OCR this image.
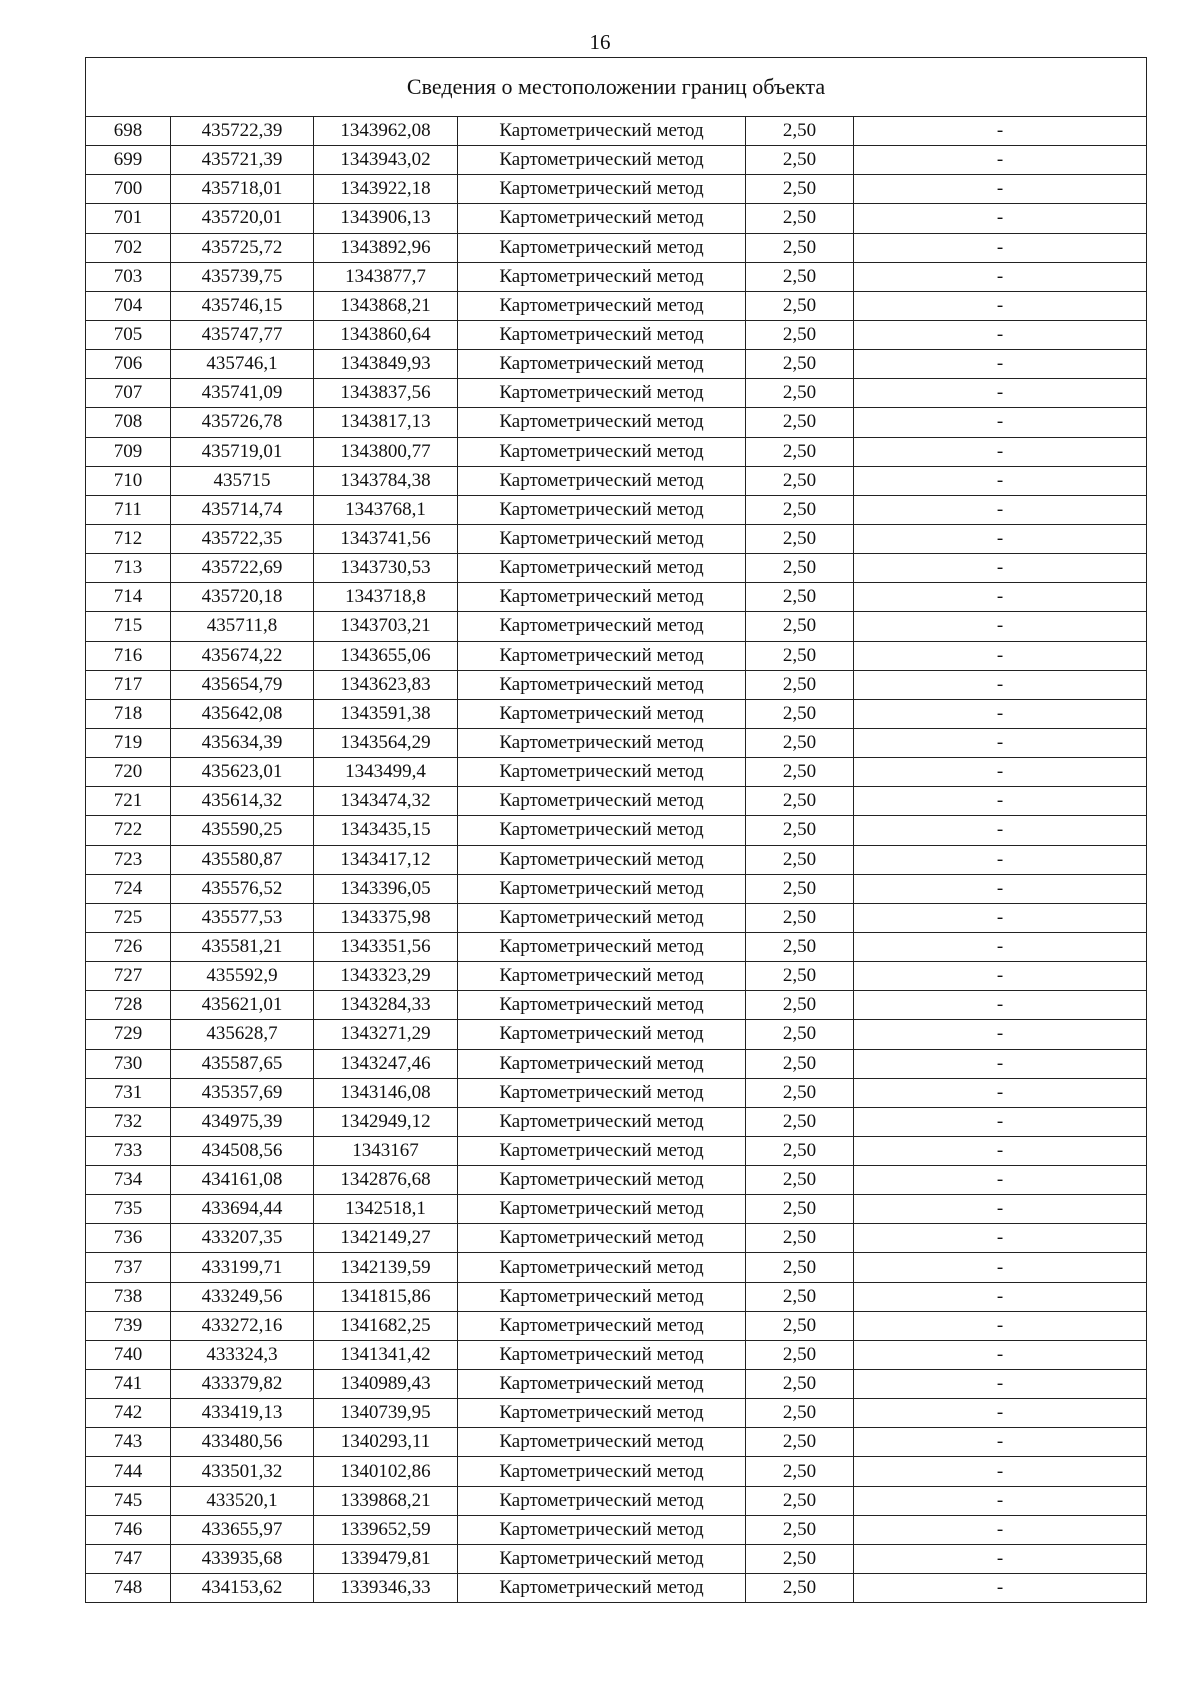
16
Сведения о местоположении границ объекта					
698	435722,39	1343962,08	Картометрический метод	2,50	-
699	435721,39	1343943,02	Картометрический метод	2,50	-
700	435718,01	1343922,18	Картометрический метод	2,50	-
701	435720,01	1343906,13	Картометрический метод	2,50	-
702	435725,72	1343892,96	Картометрический метод	2,50	-
703	435739,75	1343877,7	Картометрический метод	2,50	-
704	435746,15	1343868,21	Картометрический метод	2,50	-
705	435747,77	1343860,64	Картометрический метод	2,50	-
706	435746,1	1343849,93	Картометрический метод	2,50	-
707	435741,09	1343837,56	Картометрический метод	2,50	-
708	435726,78	1343817,13	Картометрический метод	2,50	-
709	435719,01	1343800,77	Картометрический метод	2,50	-
710	435715	1343784,38	Картометрический метод	2,50	-
711	435714,74	1343768,1	Картометрический метод	2,50	-
712	435722,35	1343741,56	Картометрический метод	2,50	-
713	435722,69	1343730,53	Картометрический метод	2,50	-
714	435720,18	1343718,8	Картометрический метод	2,50	-
715	435711,8	1343703,21	Картометрический метод	2,50	-
716	435674,22	1343655,06	Картометрический метод	2,50	-
717	435654,79	1343623,83	Картометрический метод	2,50	-
718	435642,08	1343591,38	Картометрический метод	2,50	-
719	435634,39	1343564,29	Картометрический метод	2,50	-
720	435623,01	1343499,4	Картометрический метод	2,50	-
721	435614,32	1343474,32	Картометрический метод	2,50	-
722	435590,25	1343435,15	Картометрический метод	2,50	-
723	435580,87	1343417,12	Картометрический метод	2,50	-
724	435576,52	1343396,05	Картометрический метод	2,50	-
725	435577,53	1343375,98	Картометрический метод	2,50	-
726	435581,21	1343351,56	Картометрический метод	2,50	-
727	435592,9	1343323,29	Картометрический метод	2,50	-
728	435621,01	1343284,33	Картометрический метод	2,50	-
729	435628,7	1343271,29	Картометрический метод	2,50	-
730	435587,65	1343247,46	Картометрический метод	2,50	-
731	435357,69	1343146,08	Картометрический метод	2,50	-
732	434975,39	1342949,12	Картометрический метод	2,50	-
733	434508,56	1343167	Картометрический метод	2,50	-
734	434161,08	1342876,68	Картометрический метод	2,50	-
735	433694,44	1342518,1	Картометрический метод	2,50	-
736	433207,35	1342149,27	Картометрический метод	2,50	-
737	433199,71	1342139,59	Картометрический метод	2,50	-
738	433249,56	1341815,86	Картометрический метод	2,50	-
739	433272,16	1341682,25	Картометрический метод	2,50	-
740	433324,3	1341341,42	Картометрический метод	2,50	-
741	433379,82	1340989,43	Картометрический метод	2,50	-
742	433419,13	1340739,95	Картометрический метод	2,50	-
743	433480,56	1340293,11	Картометрический метод	2,50	-
744	433501,32	1340102,86	Картометрический метод	2,50	-
745	433520,1	1339868,21	Картометрический метод	2,50	-
746	433655,97	1339652,59	Картометрический метод	2,50	-
747	433935,68	1339479,81	Картометрический метод	2,50	-
748	434153,62	1339346,33	Картометрический метод	2,50	-
